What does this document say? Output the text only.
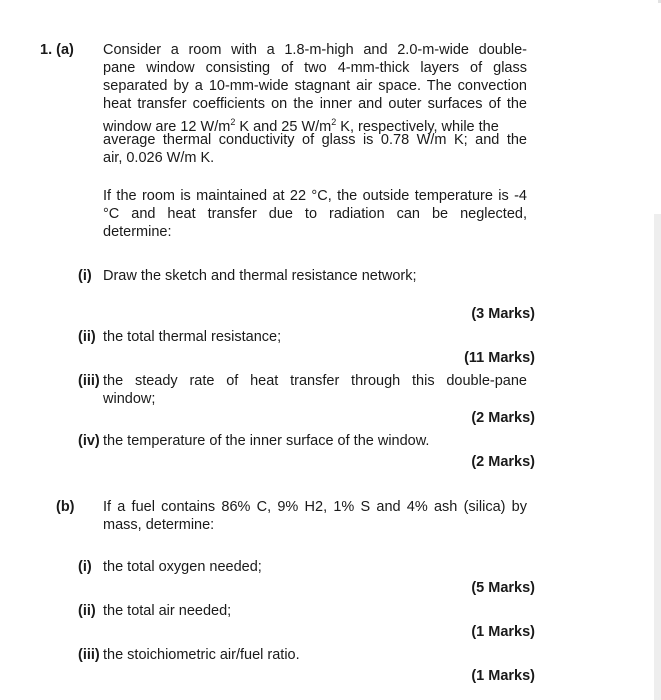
1. (a) Consider a room with a 1.8-m-high and 2.0-m-wide double-
pane window consisting of two 4-mm-thick layers of glass
separated by a 10-mm-wide stagnant air space. The convection
heat transfer coefficients on the inner and outer surfaces of the
window are 12 $W/m^2$ K and 25 $W/m^2$ K, respectively, while the
average thermal conductivity of glass is 0.78 W/m K; and the
air, 0.026 W/m K.
If the room is maintained at 22 °C, the outside temperature is -4
°C and heat transfer due to radiation can be neglected,
determine:
(i) Draw the sketch and thermal resistance network;
(3 Marks)
(ii) the total thermal resistance;
(11 Marks)
(iii) the steady rate of heat transfer through this double-pane
window;
(2 Marks)
(iv) the temperature of the inner surface of the window.
(2 Marks)
(b) If a fuel contains 86% C, 9% H2, 1% S and 4% ash (silica) by
mass, determine:
(i) the total oxygen needed;
(5 Marks)
(ii) the total air needed;
(1 Marks)
(iii) the stoichiometric air/fuel ratio.
(1 Marks)
